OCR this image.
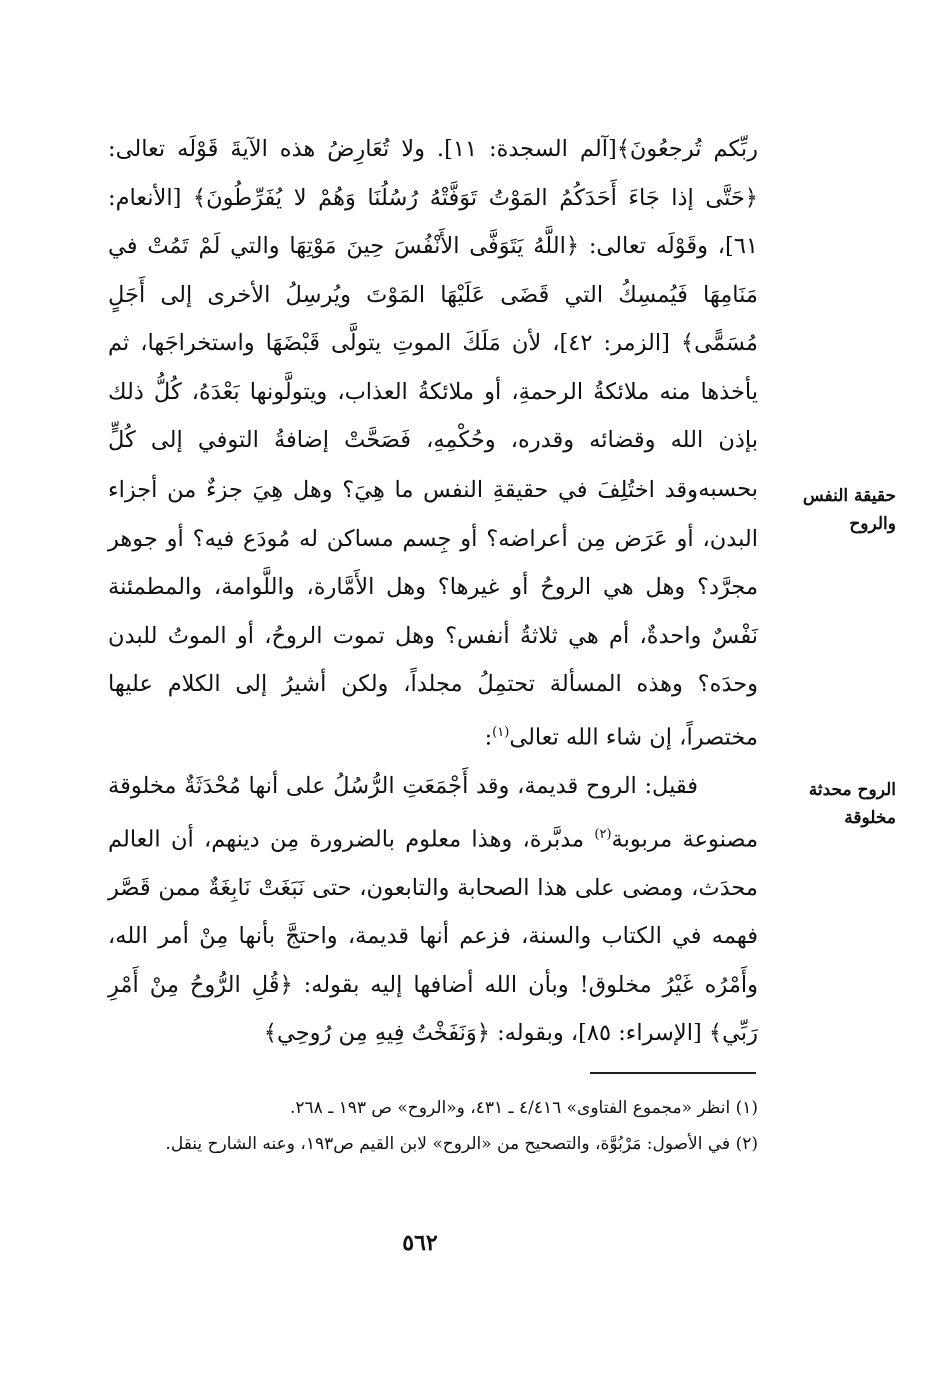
ربِّكم تُرجعُونَ﴾[آلم السجدة: ١١]. ولا تُعَارِضُ هذه الآيةَ قَوْلَه تعالى: ﴿حَتَّى إذا جَاءَ أَحَدَكُمُ المَوْتُ تَوَفَّتْهُ رُسُلُنَا وَهُمْ لا يُفَرِّطُونَ﴾ [الأنعام: ٦١]، وقَوْلَه تعالى: ﴿اللَّهُ يَتَوَفَّى الأَنْفُسَ حِينَ مَوْتِهَا والتي لَمْ تَمُتْ في مَنَامِهَا فَيُمسِكُ التي قَضَى عَلَيْهَا المَوْتَ ويُرسِلُ الأخرى إلى أَجَلٍ مُسَمًّى﴾ [الزمر: ٤٢]، لأن مَلَكَ الموتِ يتولَّى قَبْضَهَا واستخراجَها، ثم يأخذها منه ملائكةُ الرحمةِ، أو ملائكةُ العذاب، ويتولَّونها بَعْدَهُ، كُلُّ ذلك بإذن الله وقضائه وقدره، وحُكْمِهِ، فَصَحَّتْ إضافةُ التوفي إلى كُلٍّ بحسبه.	حقيقة النفس والروح

وقد اختُلِفَ في حقيقةِ النفس ما هِيَ؟ وهل هِيَ جزءٌ من أجزاء البدن، أو عَرَض مِن أعراضه؟ أو جِسم مساكن له مُودَع فيه؟ أو جوهر مجرَّد؟ وهل هي الروحُ أو غيرها؟ وهل الأَمَّارة، واللَّوامة، والمطمئنة نَفْسٌ واحدةٌ، أم هي ثلاثةُ أنفس؟ وهل تموت الروحُ، أو الموتُ للبدن وحدَه؟ وهذه المسألة تحتمِلُ مجلداً، ولكن أشيرُ إلى الكلام عليها مختصراً، إن شاء الله تعالى$^{(١)}$:

الروح محدثة مخلوقة

فقيل: الروح قديمة، وقد أَجْمَعَتِ الرُّسُلُ على أنها مُحْدَثَةٌ مخلوقة مصنوعة مربوبة$^{(٢)}$ مدبَّرة، وهذا معلوم بالضرورة مِن دينهم، أن العالم محدَث، ومضى على هذا الصحابة والتابعون، حتى نَبَغَتْ نَابِغَةٌ ممن قَصَّر فهمه في الكتاب والسنة، فزعم أنها قديمة، واحتجَّ بأنها مِنْ أمر الله، وأَمْرُه غَيْرُ مخلوق! وبأن الله أضافها إليه بقوله: ﴿قُلِ الرُّوحُ مِنْ أَمْرِ رَبِّي﴾ [الإسراء: ٨٥]، وبقوله: ﴿وَنَفَخْتُ فِيهِ مِن رُوحِي﴾

(١) انظر «مجموع الفتاوى» ٤/٤١٦ ـ ٤٣١، و«الروح» ص ١٩٣ ـ ٢٦٨.

(٢) في الأصول: مَرْبُوَّة، والتصحيح من «الروح» لابن القيم ص١٩٣، وعنه الشارح ينقل.

٥٦٢
